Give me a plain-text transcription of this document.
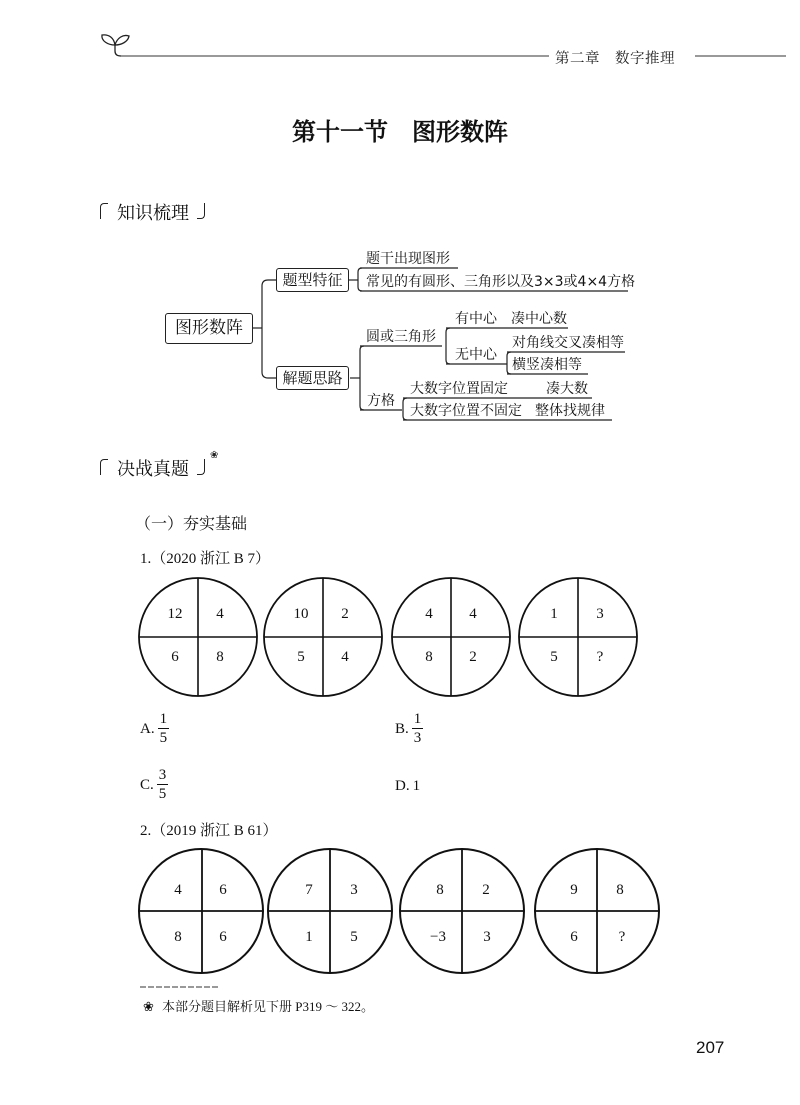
第二章　数字推理
第十一节　图形数阵
知识梳理
图形数阵
题型特征
解题思路
题干出现图形
常见的有圆形、三角形以及3×3或4×4方格
圆或三角形
方格
有中心 凑中心数
无中心
对角线交叉凑相等
横竖凑相等
大数字位置固定	凑大数
大数字位置不固定 整体找规律
决战真题
❀
（一）夯实基础
1.（2020 浙江 B 7）
12 4
6	8
10 2
5 4
4 4
8 2
1	3
5	?
A. $\frac{1}{5}$	B. $\frac{1}{3}$
C. $\frac{3}{5}$	D. 1
2.（2019 浙江 B 61）
4	6
8	6
7	3
1	5
8	2
−3 3
9	8
6	?
❀ 本部分题目解析见下册 P319 ～ 322。
207
